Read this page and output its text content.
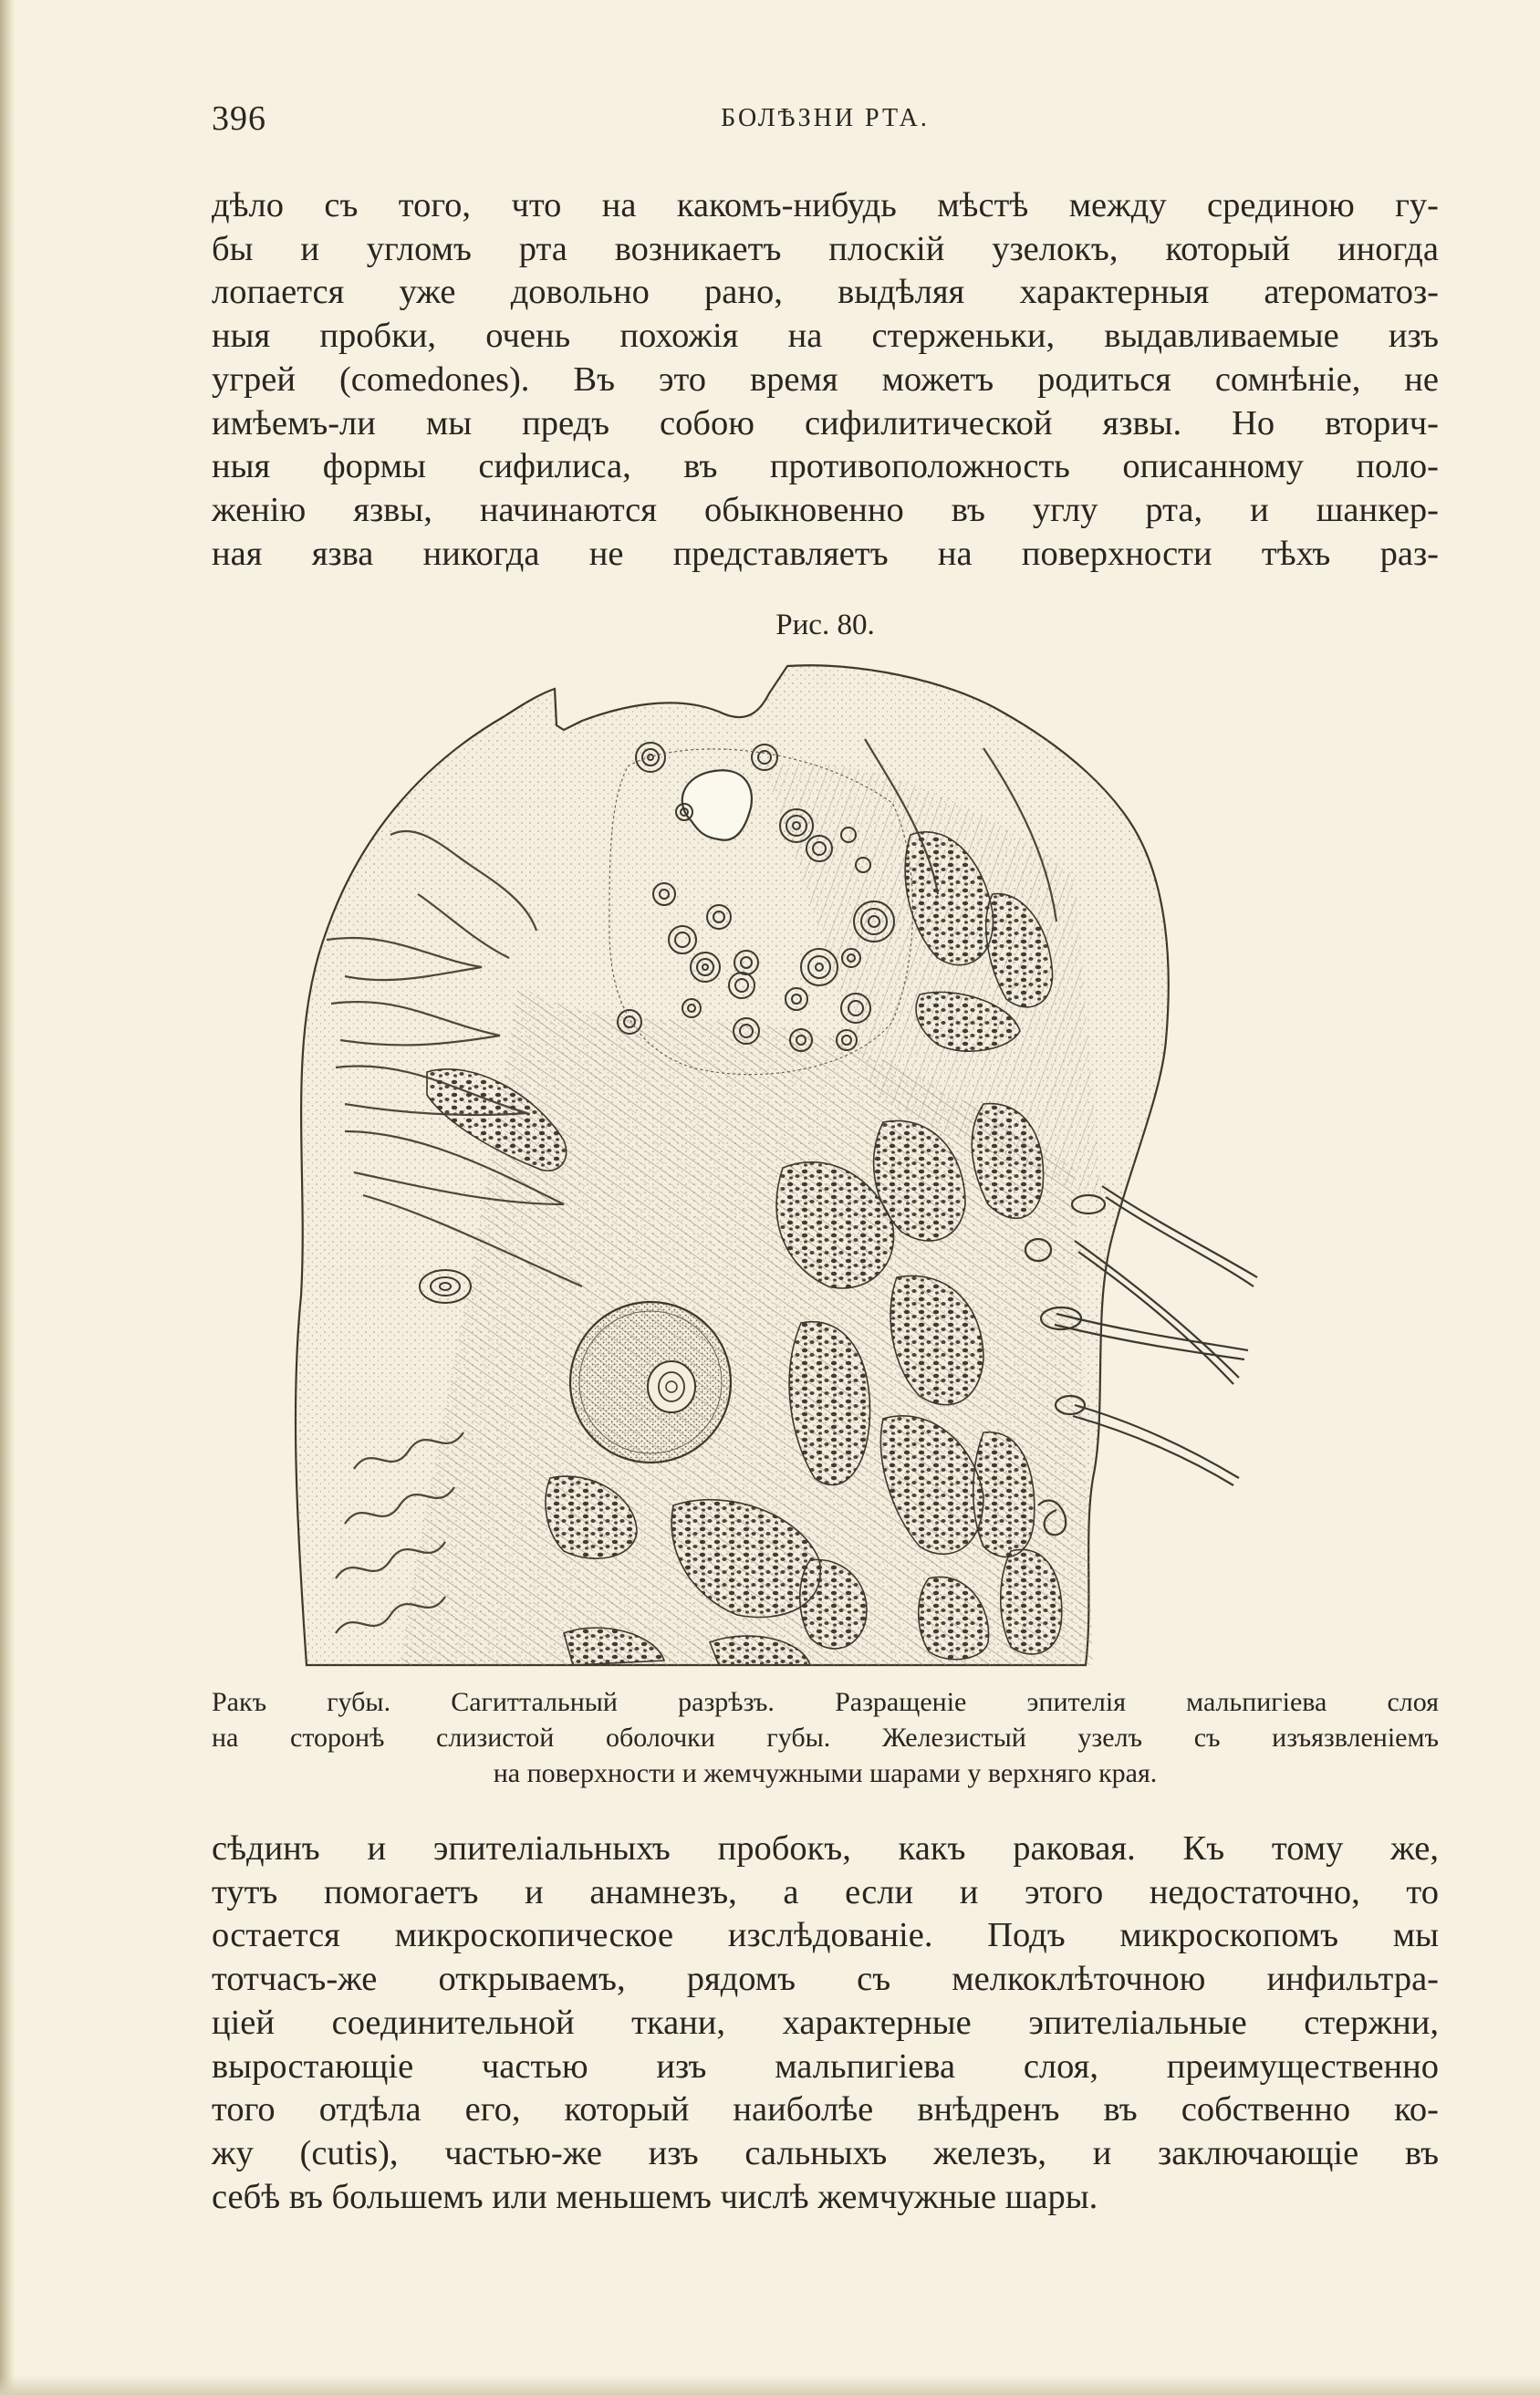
396	БОЛѢЗНИ РТА.

дѣло съ того, что на какомъ-нибудь мѣстѣ между срединою гу-
бы и угломъ рта возникаетъ плоскій узелокъ, который иногда
лопается уже довольно рано, выдѣляя характерныя атероматоз-
ныя пробки, очень похожія на стерженьки, выдавливаемые изъ
угрей (comedones). Въ это время можетъ родиться сомнѣніе, не
имѣемъ-ли мы предъ собою сифилитической язвы. Но вторич-
ныя формы сифилиса, въ противоположность описанному поло-
женію язвы, начинаются обыкновенно въ углу рта, и шанкер-
ная язва никогда не представляетъ на поверхности тѣхъ раз-

Рис. 80.
Ракъ губы. Сагиттальный разрѣзъ. Разращеніе эпителія мальпигіева слоя
на сторонѣ слизистой оболочки губы. Железистый узелъ съ изъязвленіемъ
на поверхности и жемчужными шарами у верхняго края.

сѣдинъ и эпителіальныхъ пробокъ, какъ раковая. Къ тому же,
тутъ помогаетъ и анамнезъ, а если и этого недостаточно, то
остается микроскопическое изслѣдованіе. Подъ микроскопомъ мы
тотчасъ-же открываемъ, рядомъ съ мелкоклѣточною инфильтра-
ціей соединительной ткани, характерные эпителіальные стержни,
выростающіе частью изъ мальпигіева слоя, преимущественно
того отдѣла его, который наиболѣе внѣдренъ въ собственно ко-
жу (cutis), частью-же изъ сальныхъ железъ, и заключающіе въ
себѣ въ большемъ или меньшемъ числѣ жемчужные шары.
